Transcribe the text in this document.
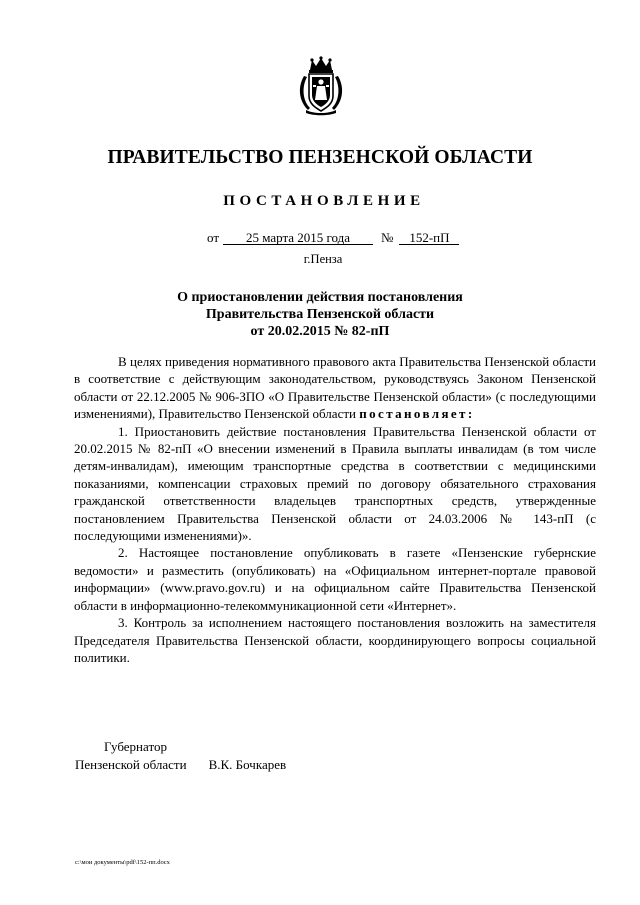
ПРАВИТЕЛЬСТВО ПЕНЗЕНСКОЙ ОБЛАСТИ
ПОСТАНОВЛЕНИЕ
от 25 марта 2015 года № 152-пП
г.Пенза
О приостановлении действия постановления
Правительства Пензенской области
от 20.02.2015 № 82-пП

В целях приведения нормативного правового акта Правительства Пензенской области в соответствие с действующим законодательством, руководствуясь Законом Пензенской области от 22.12.2005 № 906-ЗПО «О Правительстве Пензенской области» (с последующими изменениями), Правительство Пензенской области постановляет:

1. Приостановить действие постановления Правительства Пензенской области от 20.02.2015 № 82-пП «О внесении изменений в Правила выплаты инвалидам (в том числе детям-инвалидам), имеющим транспортные средства в соответствии с медицинскими показаниями, компенсации страховых премий по договору обязательного страхования гражданской ответственности владельцев транспортных средств, утвержденные постановлением Правительства Пензенской области от 24.03.2006 № 143-пП (с последующими изменениями)».

2. Настоящее постановление опубликовать в газете «Пензенские губернские ведомости» и разместить (опубликовать) на «Официальном интернет-портале правовой информации» (www.pravo.gov.ru) и на официальном сайте Правительства Пензенской области в информационно-телекоммуникационной сети «Интернет».

3. Контроль за исполнением настоящего постановления возложить на заместителя Председателя Правительства Пензенской области, координирующего вопросы социальной политики.

Губернатор
Пензенской области В.К. Бочкарев
c:\мои документы\pdf\152-пп.docx
